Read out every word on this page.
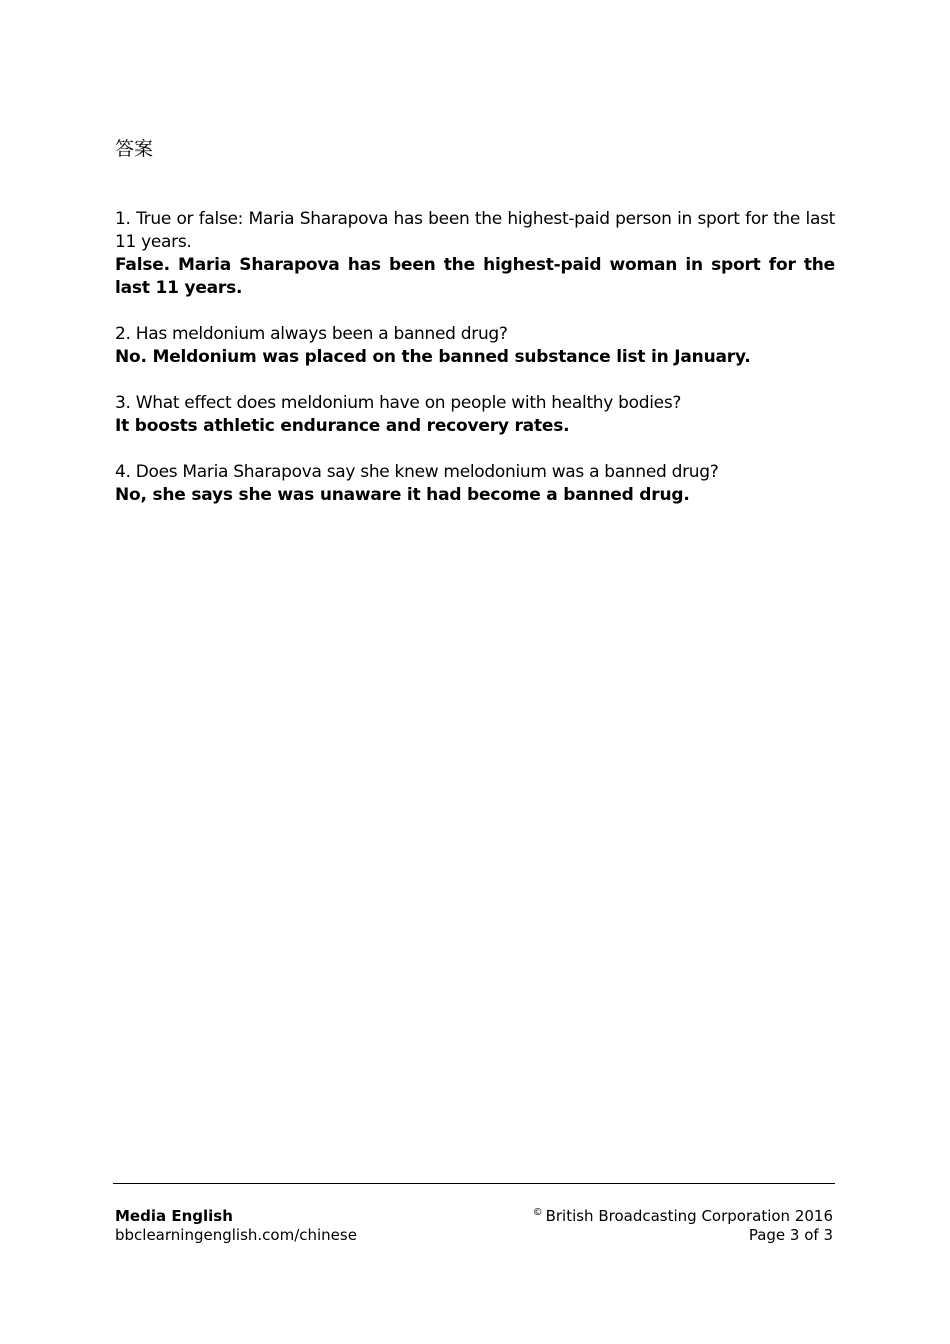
答案
1. True or false: Maria Sharapova has been the highest-paid person in sport for the last 11 years.
False. Maria Sharapova has been the highest-paid woman in sport for the last 11 years.
2. Has meldonium always been a banned drug?
No. Meldonium was placed on the banned substance list in January.
3. What effect does meldonium have on people with healthy bodies?
It boosts athletic endurance and recovery rates.
4. Does Maria Sharapova say she knew melodonium was a banned drug?
No, she says she was unaware it had become a banned drug.
Media English
bbclearningenglish.com/chinese
© British Broadcasting Corporation 2016
Page 3 of 3
